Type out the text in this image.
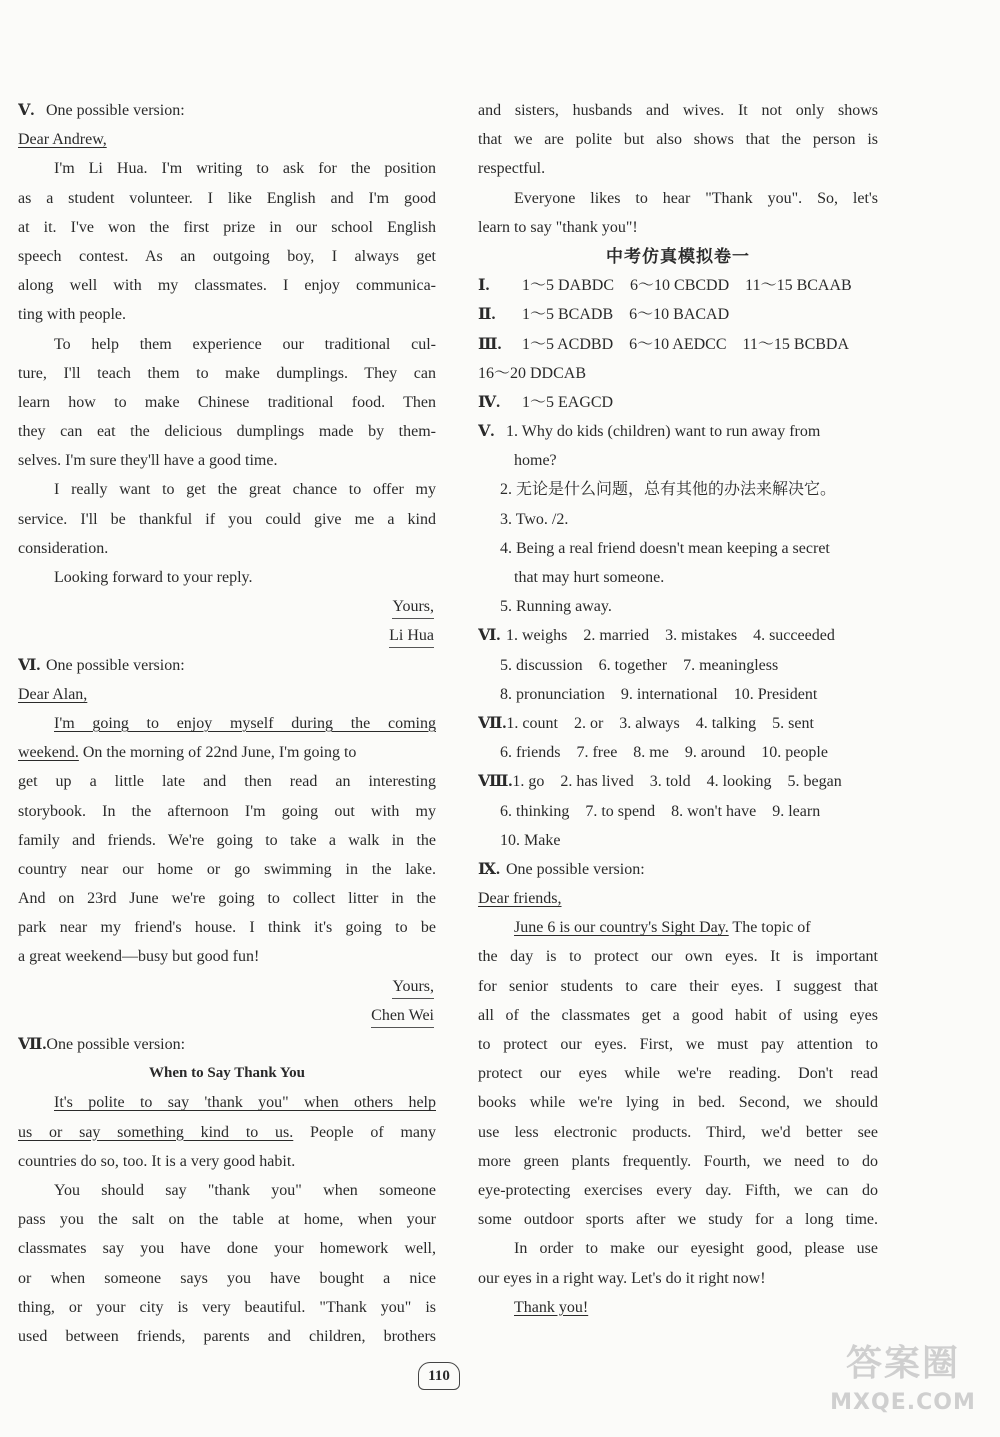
Ⅴ. One possible version:
Dear Andrew,
I'm Li Hua. I'm writing to ask for the position
as a student volunteer. I like English and I'm good
at it. I've won the first prize in our school English
speech contest. As an outgoing boy, I always get
along well with my classmates. I enjoy communica-
ting with people.
To help them experience our traditional cul-
ture, I'll teach them to make dumplings. They can
learn how to make Chinese traditional food. Then
they can eat the delicious dumplings made by them-
selves. I'm sure they'll have a good time.
I really want to get the great chance to offer my
service. I'll be thankful if you could give me a kind
consideration.
Looking forward to your reply.
Yours,
Li Hua
Ⅵ. One possible version:
Dear Alan,
I'm going to enjoy myself during the coming
weekend. On the morning of 22nd June, I'm going to
get up a little late and then read an interesting
storybook. In the afternoon I'm going out with my
family and friends. We're going to take a walk in the
country near our home or go swimming in the lake.
And on 23rd June we're going to collect litter in the
park near my friend's house. I think it's going to be
a great weekend—busy but good fun!
Yours,
Chen Wei
Ⅶ.One possible version:
When to Say Thank You
It's polite to say 'thank you" when others help
us or say something kind to us. People of many
countries do so, too. It is a very good habit.
You should say "thank you" when someone
pass you the salt on the table at home, when your
classmates say you have done your homework well,
or when someone says you have bought a nice
thing, or your city is very beautiful. "Thank you" is
used between friends, parents and children, brothers
and sisters, husbands and wives. It not only shows
that we are polite but also shows that the person is
respectful.
Everyone likes to hear "Thank you". So, let's
learn to say "thank you"!
中考仿真模拟卷一
Ⅰ. 1～5 DABDC 6～10 CBCDD 11～15 BCAAB
Ⅱ. 1～5 BCADB 6～10 BACAD
Ⅲ. 1～5 ACDBD 6～10 AEDCC 11～15 BCBDA
16～20 DDCAB
Ⅳ. 1～5 EAGCD
Ⅴ. 1. Why do kids (children) want to run away from
home?
2. 无论是什么问题，总有其他的办法来解决它。
3. Two. /2.
4. Being a real friend doesn't mean keeping a secret
that may hurt someone.
5. Running away.
Ⅵ. 1. weighs 2. married 3. mistakes 4. succeeded
5. discussion 6. together 7. meaningless
8. pronunciation 9. international 10. President
Ⅶ.1. count 2. or 3. always 4. talking 5. sent
6. friends 7. free 8. me 9. around 10. people
Ⅷ.1. go 2. has lived 3. told 4. looking 5. began
6. thinking 7. to spend 8. won't have 9. learn
10. Make
Ⅸ. One possible version:
Dear friends,
June 6 is our country's Sight Day. The topic of
the day is to protect our own eyes. It is important
for senior students to care their eyes. I suggest that
all of the classmates get a good habit of using eyes
to protect our eyes. First, we must pay attention to
protect our eyes while we're reading. Don't read
books while we're lying in bed. Second, we should
use less electronic products. Third, we'd better see
more green plants frequently. Fourth, we need to do
eye-protecting exercises every day. Fifth, we can do
some outdoor sports after we study for a long time.
In order to make our eyesight good, please use
our eyes in a right way. Let's do it right now!
Thank you!
110	答案圈
MXQE.COM
